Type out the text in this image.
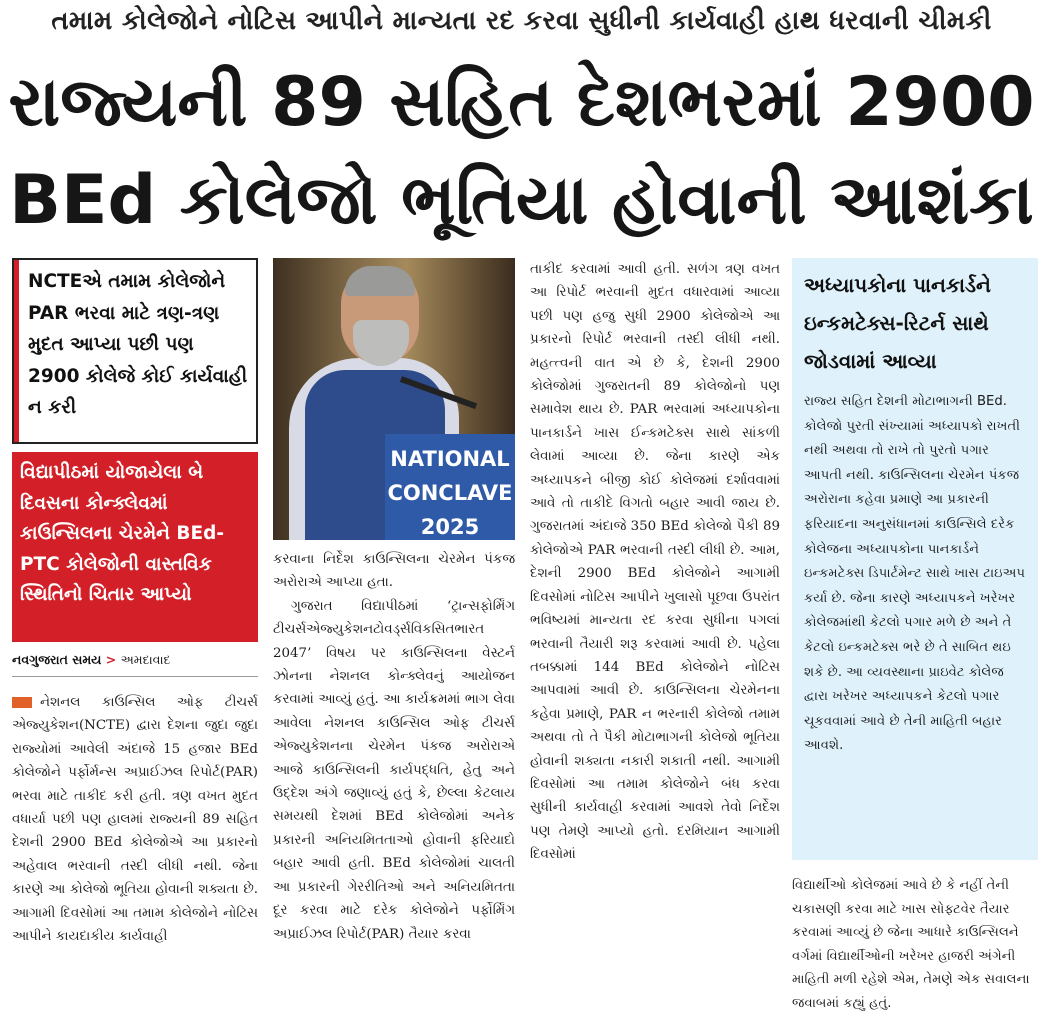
તમામ કોલેજોને નોટિસ આપીને માન્યતા રદ કરવા સુધીની કાર્યવાહી હાથ ધરવાની ચીમકી
રાજ્યની 89 સહિત દેશભરમાં 2900
BEd કોલેજો ભૂતિયા હોવાની આશંકા
NCTEએ તમામ કોલેજોને PAR ભરવા માટે ત્રણ-ત્રણ મુદત આપ્યા પછી પણ 2900 કોલેજે કોઈ કાર્યવાહી ન કરી
વિદ્યાપીઠમાં યોજાયેલા બે દિવસના કોન્ક્લેવમાં કાઉન્સિલના ચેરમેને BEd-PTC કોલેજોની વાસ્તવિક સ્થિતિનો ચિતાર આપ્યો
નવગુજરાત સમય > અમદાવાદ

નેશનલ કાઉન્સિલ ઓફ ટીચર્સ એજ્યુકેશન(NCTE) દ્વારા દેશના જુદા જુદા રાજ્યોમાં આવેલી અંદાજે 15 હજાર BEd કોલેજોને પર્ફોર્મન્સ અપ્રાઈઝલ રિપોર્ટ(PAR) ભરવા માટે તાકીદ કરી હતી. ત્રણ વખત મુદત વધાર્યા પછી પણ હાલમાં રાજ્યની 89 સહિત દેશની 2900 BEd કોલેજોએ આ પ્રકારનો અહેવાલ ભરવાની તસ્દી લીધી નથી. જેના કારણે આ કોલેજો ભૂતિયા હોવાની શક્યતા છે. આગામી દિવસોમાં આ તમામ કોલેજોને નોટિસ આપીને કાયદાકીય કાર્યવાહી

NATIONAL
CONCLAVE
2025

કરવાના નિર્દેશ કાઉન્સિલના ચેરમેન પંકજ અરોરાએ આપ્યા હતા.

ગુજરાત વિદ્યાપીઠમાં ‘ટ્રાન્સફોર્મિંગ ટીચર્સએજ્યુકેશનટોવર્ડ્સવિકસિતભારત 2047’ વિષય પર કાઉન્સિલના વેસ્ટર્ન ઝોનના નેશનલ કોન્ક્લેવનું આયોજન કરવામાં આવ્યું હતું. આ કાર્યક્રમમાં ભાગ લેવા આવેલા નેશનલ કાઉન્સિલ ઓફ ટીચર્સ એજ્યુકેશનના ચેરમેન પંકજ અરોરાએ આજે કાઉન્સિલની કાર્યપદ્ધતિ, હેતુ અને ઉદ્દેશ અંગે જણાવ્યું હતું કે, છેલ્લા કેટલાય સમયથી દેશમાં BEd કોલેજોમાં અનેક પ્રકારની અનિયમિતતાઓ હોવાની ફરિયાદો બહાર આવી હતી. BEd કોલેજોમાં ચાલતી આ પ્રકારની ગેરરીતિઓ અને અનિયમિતતા દૂર કરવા માટે દરેક કોલેજોને પર્ફોર્મિંગ અપ્રાઈઝલ રિપોર્ટ(PAR) તૈયાર કરવા

તાકીદ કરવામાં આવી હતી. સળંગ ત્રણ વખત આ રિપોર્ટ ભરવાની મુદત વધારવામાં આવ્યા પછી પણ હજુ સુધી 2900 કોલેજોએ આ પ્રકારનો રિપોર્ટ ભરવાની તસ્દી લીધી નથી. મહત્ત્વની વાત એ છે કે, દેશની 2900 કોલેજોમાં ગુજરાતની 89 કોલેજોનો પણ સમાવેશ થાય છે. PAR ભરવામાં અધ્યાપકોના પાનકાર્ડને ખાસ ઈન્કમટેક્સ સાથે સાંકળી લેવામાં આવ્યા છે. જેના કારણે એક અધ્યાપકને બીજી કોઈ કોલેજમાં દર્શાવવામાં આવે તો તાકીદે વિગતો બહાર આવી જાય છે. ગુજરાતમાં અંદાજે 350 BEd કોલેજો પૈકી 89 કોલેજોએ PAR ભરવાની તસ્દી લીધી છે. આમ, દેશની 2900 BEd કોલેજોને આગામી દિવસોમાં નોટિસ આપીને ખુલાસો પૂછવા ઉપરાંત ભવિષ્યમાં માન્યતા રદ કરવા સુધીના પગલાં ભરવાની તૈયારી શરૂ કરવામાં આવી છે. પહેલા તબક્કામાં 144 BEd કોલેજોને નોટિસ આપવામાં આવી છે. કાઉન્સિલના ચેરમેનના કહેવા પ્રમાણે, PAR ન ભરનારી કોલેજો તમામ અથવા તો તે પૈકી મોટાભાગની કોલેજો ભૂતિયા હોવાની શક્યતા નકારી શકાતી નથી. આગામી દિવસોમાં આ તમામ કોલેજોને બંધ કરવા સુધીની કાર્યવાહી કરવામાં આવશે તેવો નિર્દેશ પણ તેમણે આપ્યો હતો. દરમિયાન આગામી દિવસોમાં

અધ્યાપકોના પાનકાર્ડને ઇન્કમટેક્સ-રિટર્ન સાથે જોડવામાં આવ્યા
રાજ્ય સહિત દેશની મોટાભાગની BEd. કોલેજો પુરતી સંખ્યામાં અધ્યાપકો રાખતી નથી અથવા તો રાખે તો પુરતો પગાર આપતી નથી. કાઉન્સિલના ચેરમેન પંકજ અરોરાના કહેવા પ્રમાણે આ પ્રકારની ફરિયાદના અનુસંધાનમાં કાઉન્સિલે દરેક કોલેજના અધ્યાપકોના પાનકાર્ડને ઇન્કમટેક્સ ડિપાર્ટમેન્ટ સાથે ખાસ ટાઇઅપ કર્યા છે. જેના કારણે અધ્યાપકને ખરેખર કોલેજમાંથી કેટલો પગાર મળે છે અને તે કેટલો ઇન્કમટેક્સ ભરે છે તે સાબિત થઇ શકે છે. આ વ્યવસ્થાના પ્રાઇવેટ કોલેજ દ્વારા ખરેખર અધ્યાપકને કેટલો પગાર ચૂકવવામાં આવે છે તેની માહિતી બહાર આવશે.
વિદ્યાર્થીઓ કોલેજમાં આવે છે કે નહીં તેની ચકાસણી કરવા માટે ખાસ સોફ્ટવેર તૈયાર કરવામાં આવ્યું છે જેના આધારે કાઉન્સિલને વર્ગમાં વિદ્યાર્થીઓની ખરેખર હાજરી અંગેની માહિતી મળી રહેશે એમ, તેમણે એક સવાલના જવાબમાં કહ્યું હતું.
